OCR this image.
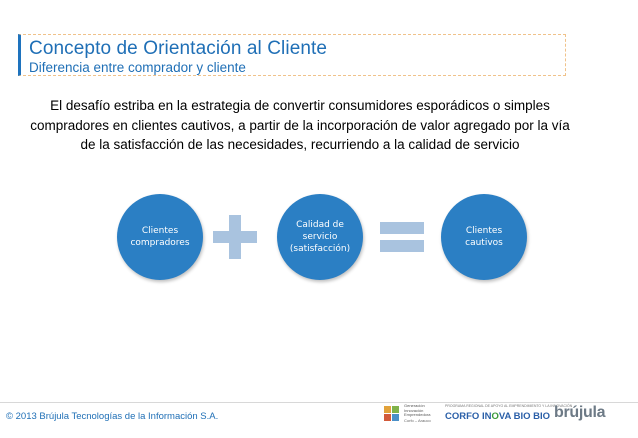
Concepto de Orientación al Cliente
Diferencia entre comprador y cliente
El desafío estriba en la estrategia de convertir consumidores esporádicos o simples compradores en clientes cautivos, a partir de la incorporación de valor agregado por la vía de la satisfacción de las necesidades, recurriendo a la calidad de servicio
Clientes compradores
Calidad de servicio (satisfacción)
Clientes cautivos
© 2013 Brújula Tecnologías de la Información S.A.
Generación Innovación Emprendedora
Corfo – Arauco
PROGRAMA REGIONAL DE APOYO AL EMPRENDIMIENTO Y LA INNOVACIÓN
CORFO INOVA BIO BIO brújula
